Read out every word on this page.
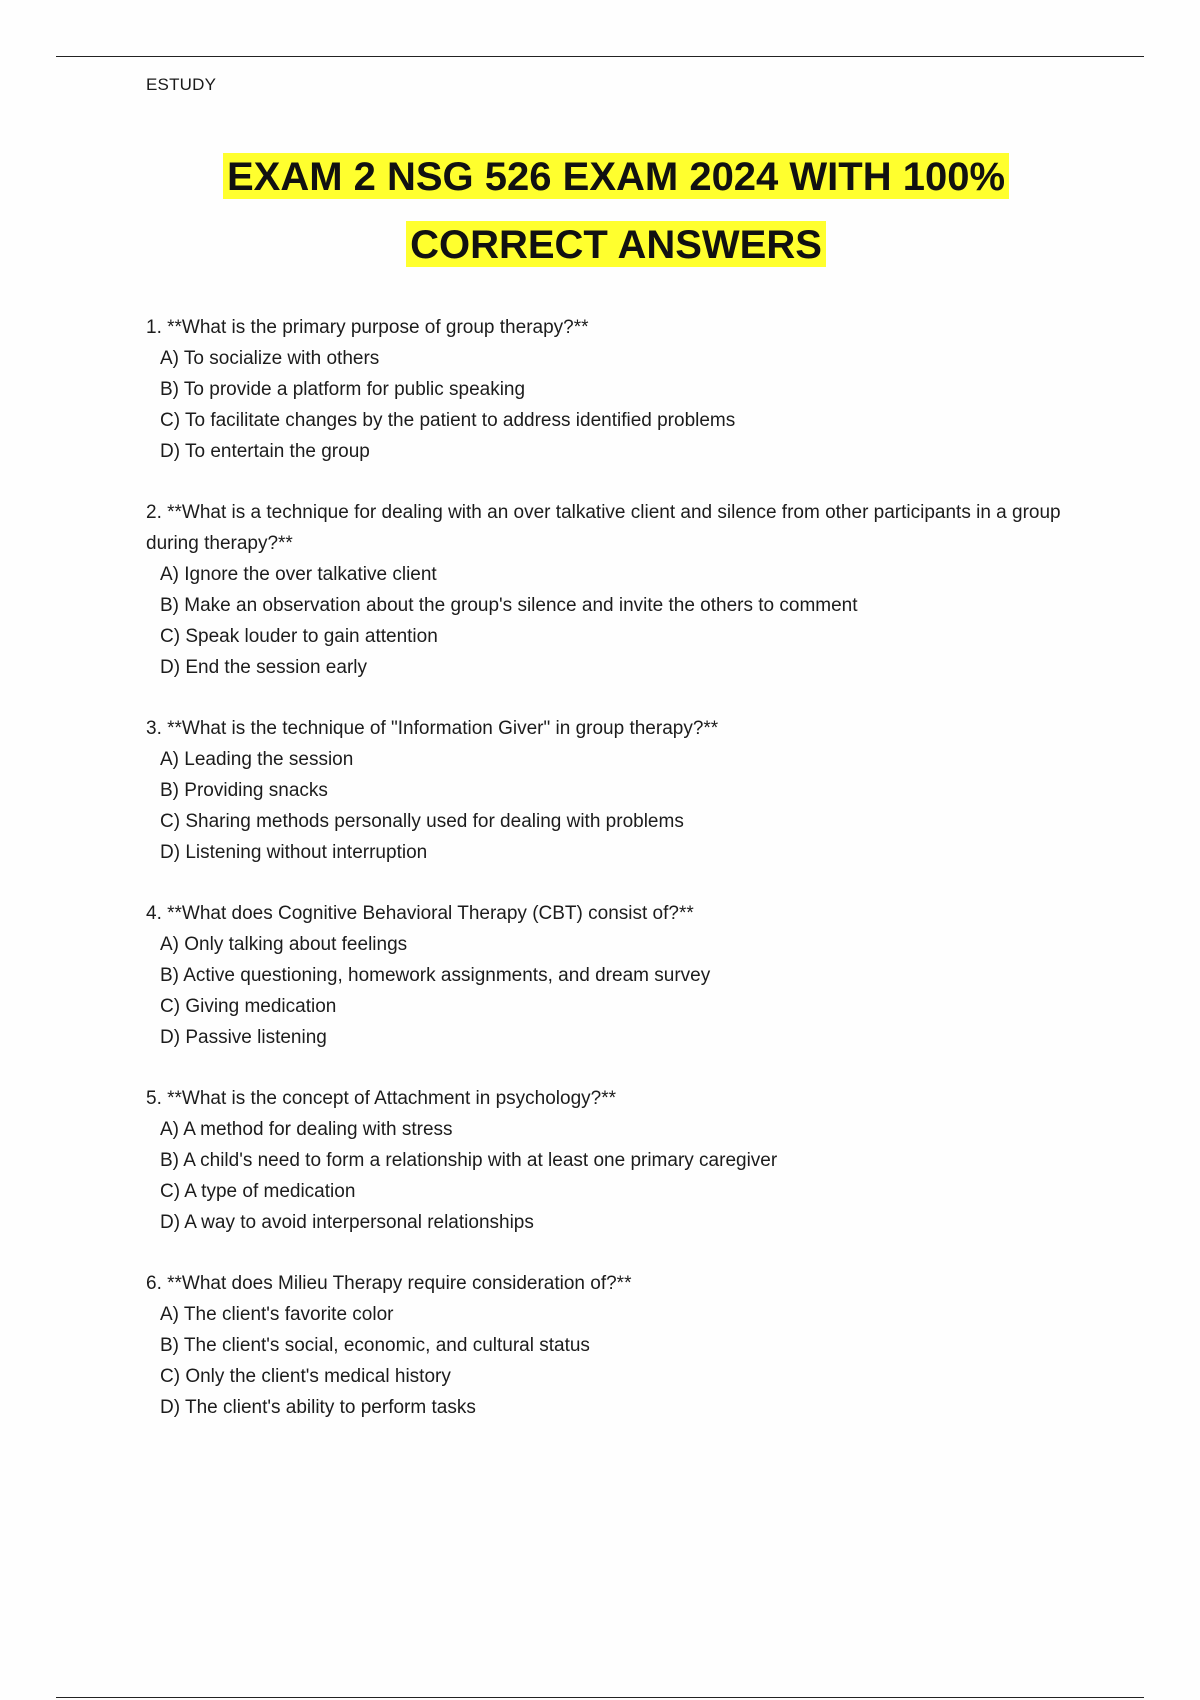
ESTUDY
EXAM 2 NSG 526 EXAM 2024 WITH 100%
CORRECT ANSWERS
1. **What is the primary purpose of group therapy?**
A) To socialize with others
B) To provide a platform for public speaking
C) To facilitate changes by the patient to address identified problems
D) To entertain the group
2. **What is a technique for dealing with an over talkative client and silence from other participants in a group during therapy?**
A) Ignore the over talkative client
B) Make an observation about the group's silence and invite the others to comment
C) Speak louder to gain attention
D) End the session early
3. **What is the technique of "Information Giver" in group therapy?**
A) Leading the session
B) Providing snacks
C) Sharing methods personally used for dealing with problems
D) Listening without interruption
4. **What does Cognitive Behavioral Therapy (CBT) consist of?**
A) Only talking about feelings
B) Active questioning, homework assignments, and dream survey
C) Giving medication
D) Passive listening
5. **What is the concept of Attachment in psychology?**
A) A method for dealing with stress
B) A child's need to form a relationship with at least one primary caregiver
C) A type of medication
D) A way to avoid interpersonal relationships
6. **What does Milieu Therapy require consideration of?**
A) The client's favorite color
B) The client's social, economic, and cultural status
C) Only the client's medical history
D) The client's ability to perform tasks
